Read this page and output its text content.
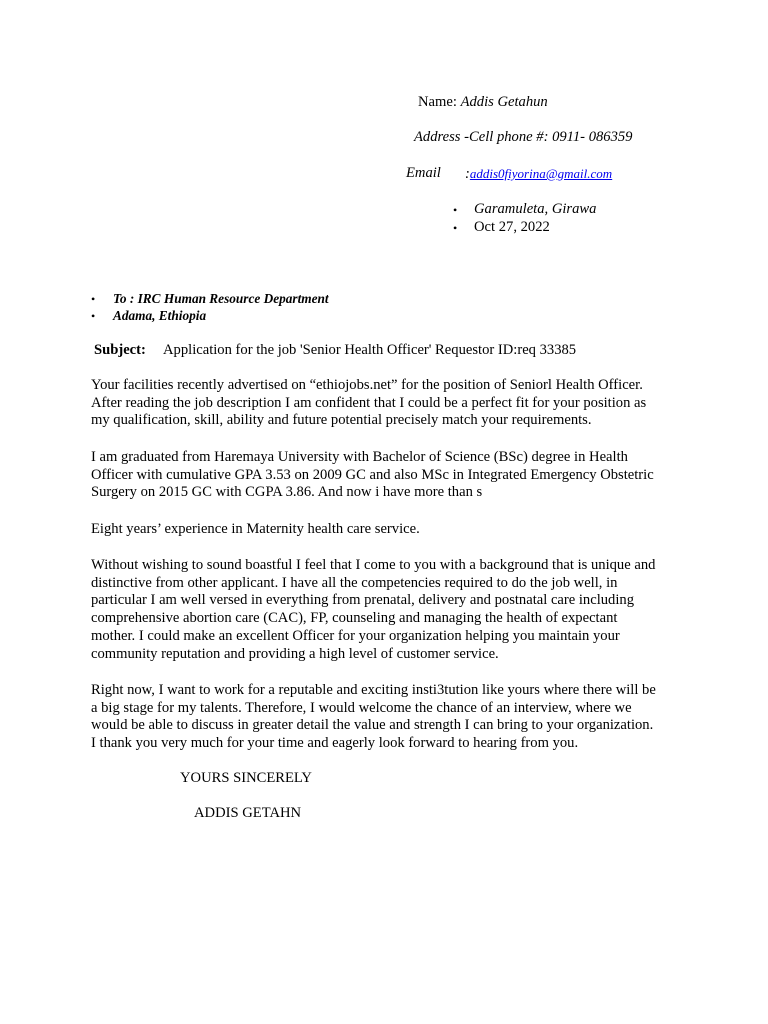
Name: Addis Getahun
Address -Cell phone #: 0911- 086359
Email :addis0fiyorina@gmail.com
• Garamuleta, Girawa
• Oct 27, 2022
• To : IRC Human Resource Department
• Adama, Ethiopia
Subject: Application for the job 'Senior Health Officer' Requestor ID:req 33385
Your facilities recently advertised on “ethiojobs.net” for the position of Seniorl Health Officer.
After reading the job description I am confident that I could be a perfect fit for your position as
my qualification, skill, ability and future potential precisely match your requirements.
I am graduated from Haremaya University with Bachelor of Science (BSc) degree in Health
Officer with cumulative GPA 3.53 on 2009 GC and also MSc in Integrated Emergency Obstetric
Surgery on 2015 GC with CGPA 3.86. And now i have more than s
Eight years’ experience in Maternity health care service.
Without wishing to sound boastful I feel that I come to you with a background that is unique and
distinctive from other applicant. I have all the competencies required to do the job well, in
particular I am well versed in everything from prenatal, delivery and postnatal care including
comprehensive abortion care (CAC), FP, counseling and managing the health of expectant
mother. I could make an excellent Officer for your organization helping you maintain your
community reputation and providing a high level of customer service.
Right now, I want to work for a reputable and exciting insti3tution like yours where there will be
a big stage for my talents. Therefore, I would welcome the chance of an interview, where we
would be able to discuss in greater detail the value and strength I can bring to your organization.
I thank you very much for your time and eagerly look forward to hearing from you.
YOURS SINCERELY
ADDIS GETAHN
